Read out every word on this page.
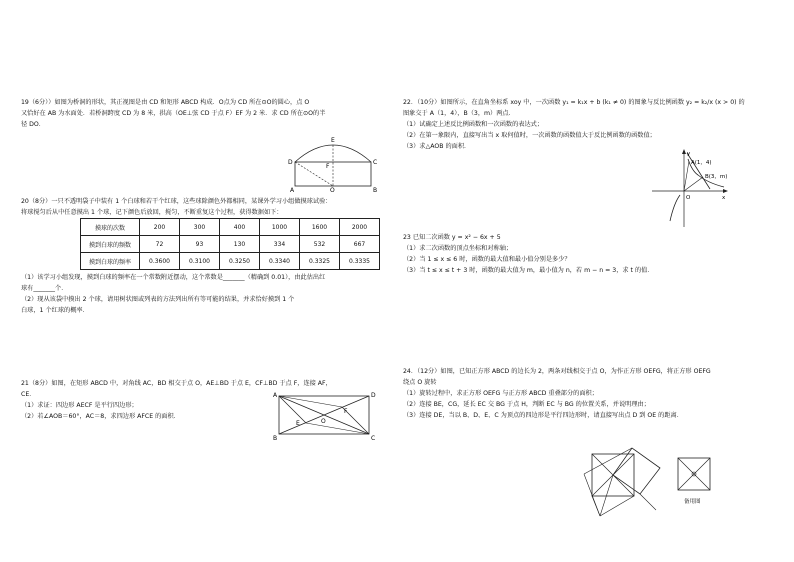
19（6分））如图为桥洞的形状，其正视图是由 CD 和矩形 ABCD 构成．O点为 CD 所在⊙O的圆心，点 O

又恰好在 AB 为水面处．若桥洞跨度 CD 为 8 米，拱高（OE⊥弦 CD 于点 F）EF 为 2 米．求 CD 所在⊙O的半

径 DO．

E
D	C
F
A	O	B

20（8分）一只不透明袋子中装有 1 个白球和若干个红球，这些球除颜色外都相同，某课外学习小组做摸球试验：

将球搅匀后从中任意摸出 1 个球，记下颜色后放回，搅匀，不断重复这个过程，获得数据如下：

摸球的次数	200	300	400	1000	1600	2000
摸到白球的频数	72	93	130	334	532	667
摸到白球的频率	0.3600	0.3100	0.3250	0.3340	0.3325	0.3335

（1）该学习小组发现，摸到白球的频率在一个常数附近摆动，这个常数是_______（精确到 0.01），由此估出红

球有_______个．

（2）现从该袋中摸出 2 个球，请用树状图或列表的方法列出所有等可能的结果，并求恰好摸到 1 个

白球，1 个红球的概率．

21（8分）如图，在矩形 ABCD 中，对角线 AC，BD 相交于点 O，AE⊥BD 于点 E，CF⊥BD 于点 F，连接 AF，

CE．

（1）求证：四边形 AECF 是平行四边形；

（2）若∠AOB＝60°，AC＝8，求四边形 AFCE 的面积．

A	D
E	O
F
B	C

22．（10分）如图所示，在直角坐标系 xoy 中，一次函数 y₁ = k₁x + b (k₁ ≠ 0) 的图象与反比例函数 y₂ = k₂/x (x > 0) 的

图象交于 A（1，4），B（3，m）两点．

（1）试确定上述反比例函数和一次函数的表达式；

（2）在第一象限内，直接写出当 x 取何值时，一次函数的函数值大于反比例函数的函数值；

（3）求△AOB 的面积．

y
A(1，4)
B(3，m)
O	x

23 已知二次函数 y = x² − 6x + 5

（1）求二次函数的顶点坐标和对称轴；

（2）当 1 ≤ x ≤ 6 时，函数的最大值和最小值分别是多少？

（3）当 t ≤ x ≤ t + 3 时，函数的最大值为 m，最小值为 n，若 m − n = 3，求 t 的值．

24．（12分）如图，已知正方形 ABCD 的边长为 2，两条对线相交于点 O，为作正方形 OEFG，将正方形 OEFG

绕点 O 旋转

（1）旋转过程中，求正方形 OEFG 与正方形 ABCD 重叠部分的面积；

（2）连接 BE，CG，延长 EC 交 BG 于点 H，判断 EC 与 BG 的位置关系，并说明理由；

（3）连接 DE，当以 B、D、E、C 为顶点的四边形是平行四边形时，请直接写出点 D 到 OE 的距离．

备用图
